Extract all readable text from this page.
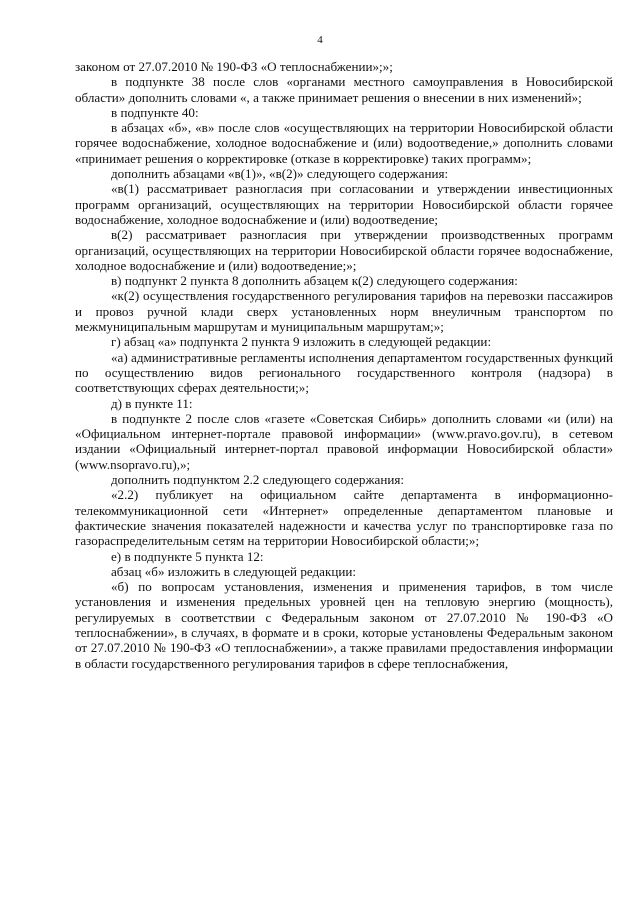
4

законом от 27.07.2010 № 190-ФЗ «О теплоснабжении»;»;

в подпункте 38 после слов «органами местного самоуправления в Новосибирской области» дополнить словами «, а также принимает решения о внесении в них изменений»;

в подпункте 40:

в абзацах «б», «в» после слов «осуществляющих на территории Новосибирской области горячее водоснабжение, холодное водоснабжение и (или) водоотведение,» дополнить словами «принимает решения о корректировке (отказе в корректировке) таких программ»;

дополнить абзацами «в(1)», «в(2)» следующего содержания:

«в(1) рассматривает разногласия при согласовании и утверждении инвестиционных программ организаций, осуществляющих на территории Новосибирской области горячее водоснабжение, холодное водоснабжение и (или) водоотведение;

в(2) рассматривает разногласия при утверждении производственных программ организаций, осуществляющих на территории Новосибирской области горячее водоснабжение, холодное водоснабжение и (или) водоотведение;»;

в) подпункт 2 пункта 8 дополнить абзацем к(2) следующего содержания:

«к(2) осуществления государственного регулирования тарифов на перевозки пассажиров и провоз ручной клади сверх установленных норм внеуличным транспортом по межмуниципальным маршрутам и муниципальным маршрутам;»;

г) абзац «а» подпункта 2 пункта 9 изложить в следующей редакции:

«а) административные регламенты исполнения департаментом государственных функций по осуществлению видов регионального государственного контроля (надзора) в соответствующих сферах деятельности;»;

д) в пункте 11:

в подпункте 2 после слов «газете «Советская Сибирь» дополнить словами «и (или) на «Официальном интернет-портале правовой информации» (www.pravo.gov.ru), в сетевом издании «Официальный интернет-портал правовой информации Новосибирской области» (www.nsopravo.ru),»;

дополнить подпунктом 2.2 следующего содержания:

«2.2) публикует на официальном сайте департамента в информационно-телекоммуникационной сети «Интернет» определенные департаментом плановые и фактические значения показателей надежности и качества услуг по транспортировке газа по газораспределительным сетям на территории Новосибирской области;»;

е) в подпункте 5 пункта 12:

абзац «б» изложить в следующей редакции:

«б) по вопросам установления, изменения и применения тарифов, в том числе установления и изменения предельных уровней цен на тепловую энергию (мощность), регулируемых в соответствии с Федеральным законом от 27.07.2010 № 190-ФЗ «О теплоснабжении», в случаях, в формате и в сроки, которые установлены Федеральным законом от 27.07.2010 № 190-ФЗ «О теплоснабжении», а также правилами предоставления информации в области государственного регулирования тарифов в сфере теплоснабжения,
